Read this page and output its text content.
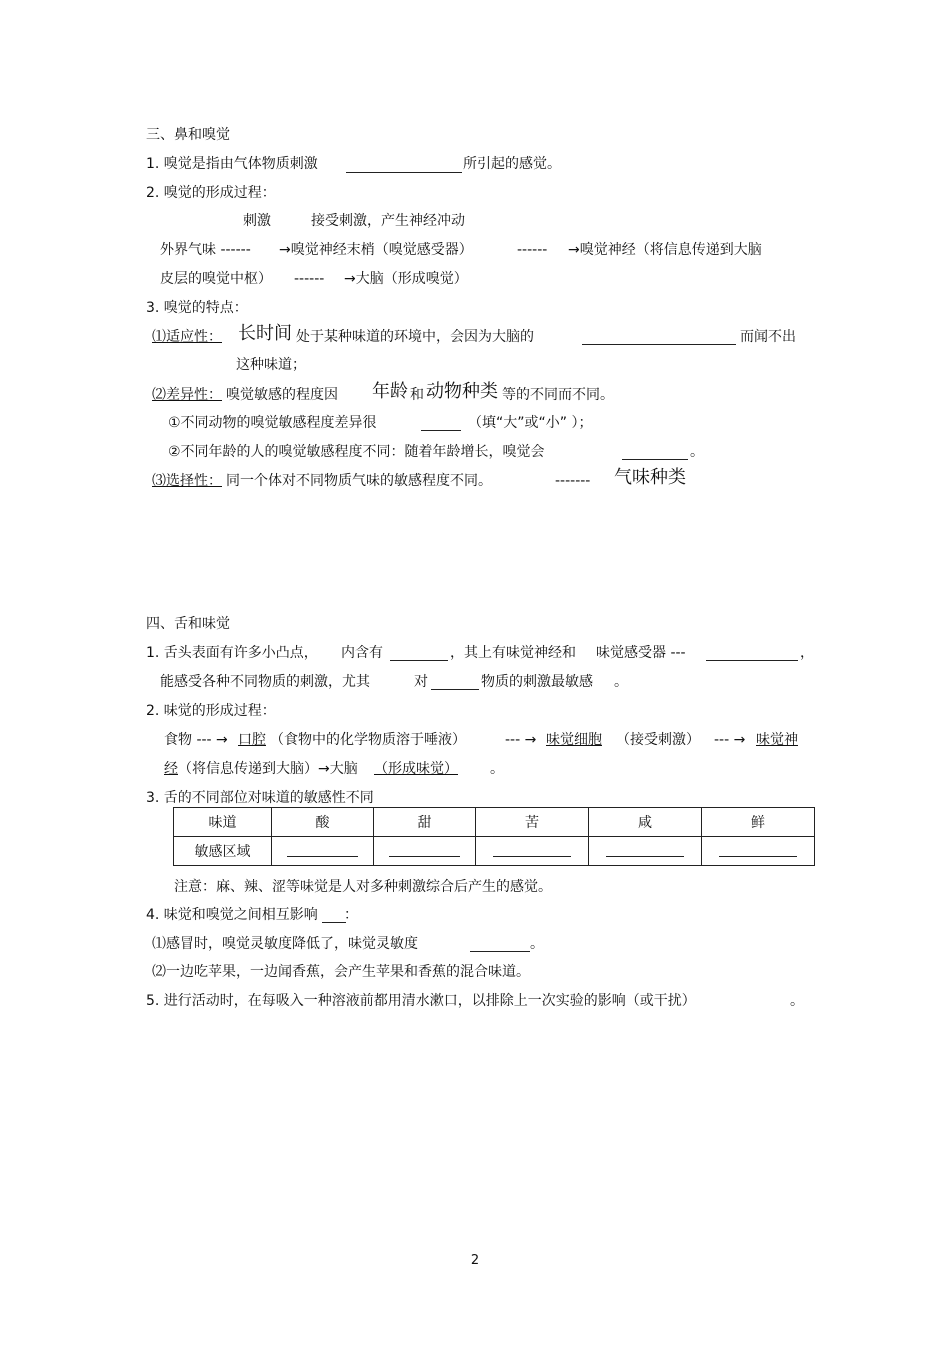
三、鼻和嗅觉
1. 嗅觉是指由气体物质刺激	所引起的感觉。
2. 嗅觉的形成过程：
刺激	接受刺激，产生神经冲动
外界气味 ------ →嗅觉神经末梢（嗅觉感受器）	------ →嗅觉神经（将信息传递到大脑
皮层的嗅觉中枢） ------ →大脑（形成嗅觉）
3. 嗅觉的特点：
⑴适应性： 长时间 处于某种味道的环境中，会因为大脑的	而闻不出
这种味道；
⑵差异性： 嗅觉敏感的程度因 年龄 和 动物种类 等的不同而不同。
①不同动物的嗅觉敏感程度差异很	（填“大”或“小” ）；
②不同年龄的人的嗅觉敏感程度不同：随着年龄增长，嗅觉会	。
⑶选择性： 同一个体对不同物质气味的敏感程度不同。	------- 气味种类
四、舌和味觉
1. 舌头表面有许多小凸点， 内含有	，其上有味觉神经和 味觉感受器 ---	，
能感受各种不同物质的刺激，尤其	对	物质的刺激最敏感 。
2. 味觉的形成过程：
食物 --- → 口腔 （食物中的化学物质溶于唾液）	--- → 味觉细胞 （接受刺激） --- → 味觉神
经 （将信息传递到大脑）→大脑 （形成味觉） 。
3. 舌的不同部位对味道的敏感性不同
味道	酸	甜	苦	咸	鲜
敏感区域					
注意：麻、辣、涩等味觉是人对多种刺激综合后产生的感觉。
4. 味觉和嗅觉之间相互影响 ：
⑴感冒时，嗅觉灵敏度降低了，味觉灵敏度	。
⑵一边吃苹果，一边闻香蕉，会产生苹果和香蕉的混合味道。
5. 进行活动时，在每吸入一种溶液前都用清水漱口，以排除上一次实验的影响（或干扰）	。
2
